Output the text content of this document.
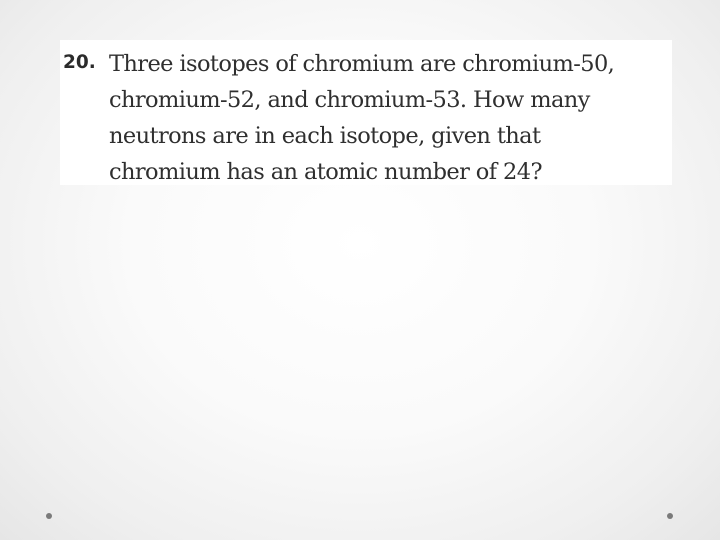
20. Three isotopes of chromium are chromium-50,
chromium-52, and chromium-53. How many
neutrons are in each isotope, given that
chromium has an atomic number of 24?
